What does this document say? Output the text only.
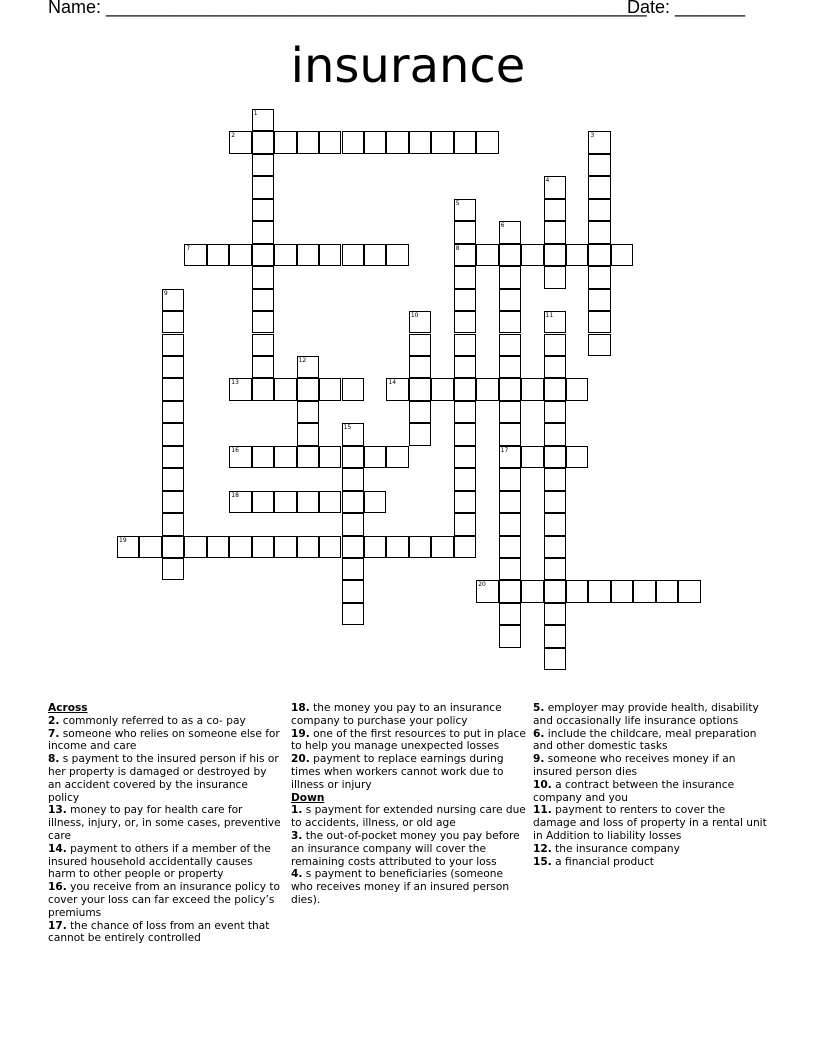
Name: ______________________________________________________
Date: _______
insurance
1
2	3
4
5
8
6
17
7
9
10	11
12
13	14
15
16
18
19
20
Across
2. commonly referred to as a co- pay
7. someone who relies on someone else for income and care
8. s payment to the insured person if his or her property is damaged or destroyed by an accident covered by the insurance policy
13. money to pay for health care for illness, injury, or, in some cases, preventive care
14. payment to others if a member of the insured household accidentally causes harm to other people or property
16. you receive from an insurance policy to cover your loss can far exceed the policy’s premiums
17. the chance of loss from an event that cannot be entirely controlled
18. the money you pay to an insurance company to purchase your policy
19. one of the first resources to put in place to help you manage unexpected losses
20. payment to replace earnings during times when workers cannot work due to illness or injury
Down
1. s payment for extended nursing care due to accidents, illness, or old age
3. the out-of-pocket money you pay before an insurance company will cover the remaining costs attributed to your loss
4. s payment to beneficiaries (someone who receives money if an insured person dies).
5. employer may provide health, disability and occasionally life insurance options
6. include the childcare, meal preparation and other domestic tasks
9. someone who receives money if an insured person dies
10. a contract between the insurance company and you
11. payment to renters to cover the damage and loss of property in a rental unit in Addition to liability losses
12. the insurance company
15. a financial product
